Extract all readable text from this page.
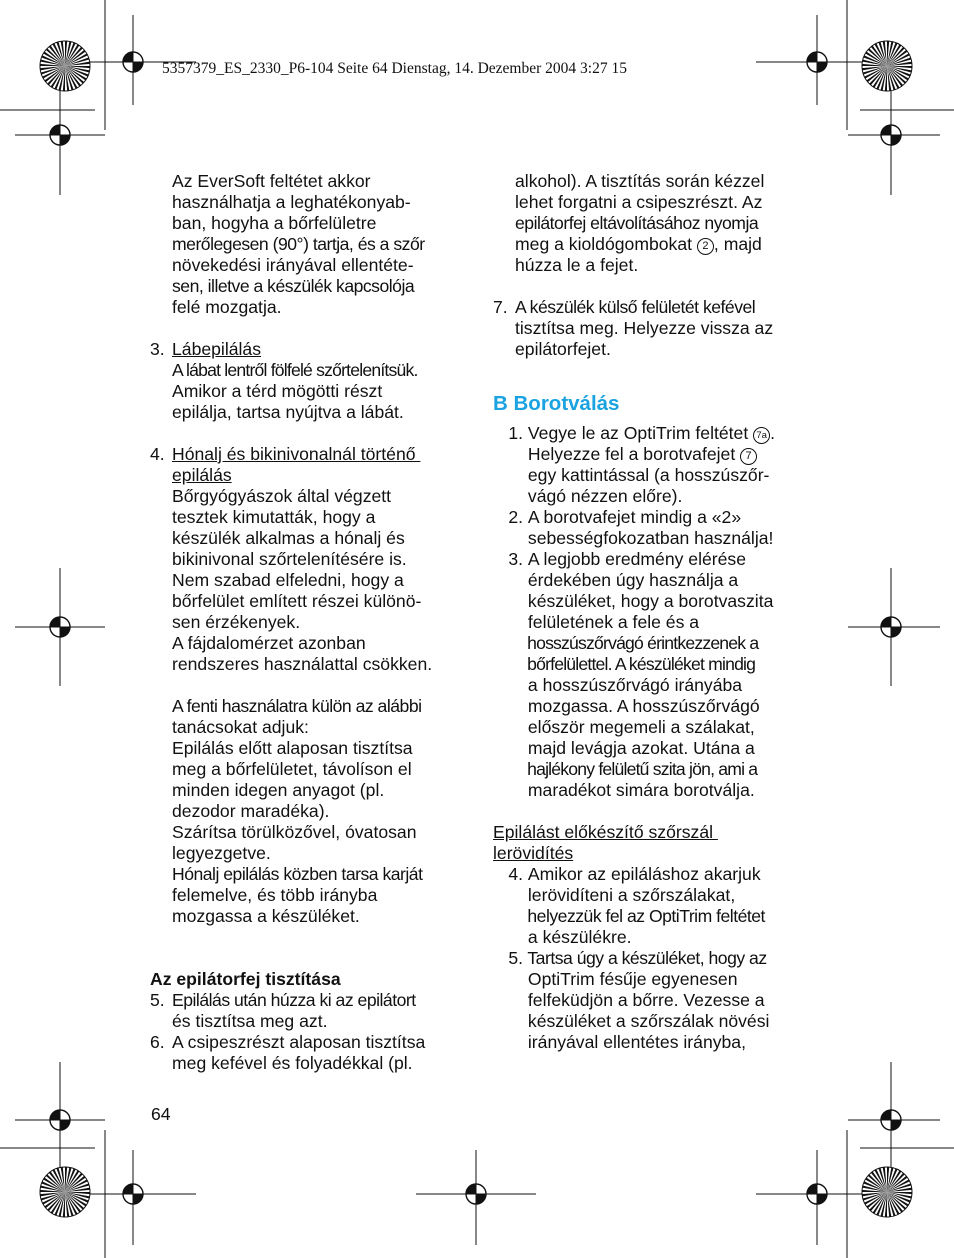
5357379_ES_2330_P6-104 Seite 64 Dienstag, 14. Dezember 2004 3:27 15

Az EverSoft feltétet akkor

használhatja a leghatékonyab-

ban, hogyha a bőrfelületre

merőlegesen (90°) tartja, és a szőr

növekedési irányával ellentéte-

sen, illetve a készülék kapcsolója

felé mozgatja.

3. Lábepilálás

A lábat lentről fölfelé szőrtelenítsük.

Amikor a térd mögötti részt

epilálja, tartsa nyújtva a lábát.

4. Hónalj és bikinivonalnál történő

epilálás

Bőrgyógyászok által végzett

tesztek kimutatták, hogy a

készülék alkalmas a hónalj és

bikinivonal szőrtelenítésére is.

Nem szabad elfeledni, hogy a

bőrfelület említett részei különö-

sen érzékenyek.

A fájdalomérzet azonban

rendszeres használattal csökken.

A fenti használatra külön az alábbi

tanácsokat adjuk:

Epilálás előtt alaposan tisztítsa

meg a bőrfelületet, távolíson el

minden idegen anyagot (pl.

dezodor maradéka).

Szárítsa törülközővel, óvatosan

legyezgetve.

Hónalj epilálás közben tarsa karját

felemelve, és több irányba

mozgassa a készüléket.

Az epilátorfej tisztítása

5. Epilálás után húzza ki az epilátort

és tisztítsa meg azt.

6. A csipeszrészt alaposan tisztítsa

meg kefével és folyadékkal (pl.

alkohol). A tisztítás során kézzel

lehet forgatni a csipeszrészt. Az

epilátorfej eltávolításához nyomja

meg a kioldógombokat 2 , majd

húzza le a fejet.

7. A készülék külső felületét kefével

tisztítsa meg. Helyezze vissza az

epilátorfejet.

B Borotválás
1. Vegye le az OptiTrim feltétet 7a .

Helyezze fel a borotvafejet 7

egy kattintással (a hosszúszőr-

vágó nézzen előre).

2. A borotvafejet mindig a «2»

sebességfokozatban használja!

3. A legjobb eredmény elérése

érdekében úgy használja a

készüléket, hogy a borotvaszita

felületének a fele és a

hosszúszőrvágó érintkezzenek a

bőrfelülettel. A készüléket mindig

a hosszúszőrvágó irányába

mozgassa. A hosszúszőrvágó

először megemeli a szálakat,

majd levágja azokat. Utána a

hajlékony felületű szita jön, ami a

maradékot simára borotválja.

Epilálást előkészítő szőrszál

lerövidítés

4. Amikor az epiláláshoz akarjuk

lerövidíteni a szőrszálakat,

helyezzük fel az OptiTrim feltétet

a készülékre.

5. Tartsa úgy a készüléket, hogy az

OptiTrim fésűje egyenesen

felfeküdjön a bőrre. Vezesse a

készüléket a szőrszálak növési

irányával ellentétes irányba,

64
